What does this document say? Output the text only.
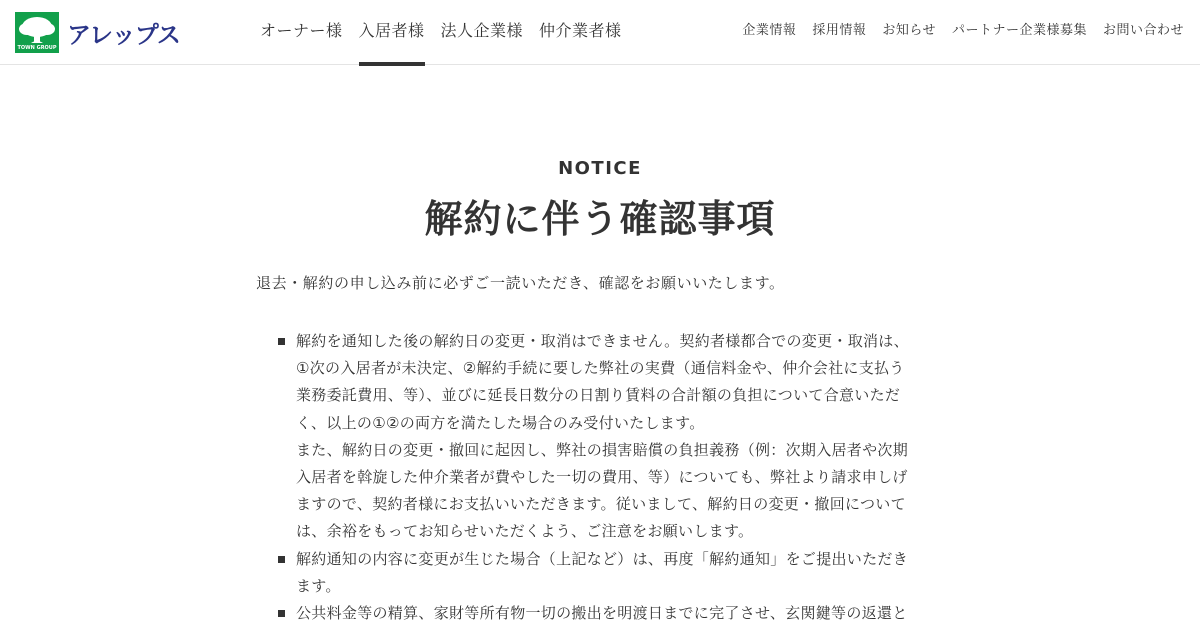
TOWN GROUP アレップス	オーナー様 入居者様 法人企業様 仲介業者様	企業情報 採用情報 お知らせ パートナー企業様募集 お問い合わせ
NOTICE
解約に伴う確認事項

退去・解約の申し込み前に必ずご一読いただき、確認をお願いいたします。

解約を通知した後の解約日の変更・取消はできません。契約者様都合での変更・取消は、
①次の入居者が未決定、②解約手続に要した弊社の実費（通信料金や、仲介会社に支払う
業務委託費用、等）、並びに延長日数分の日割り賃料の合計額の負担について合意いただ
く、以上の①②の両方を満たした場合のみ受付いたします。
また、解約日の変更・撤回に起因し、弊社の損害賠償の負担義務（例：次期入居者や次期
入居者を斡旋した仲介業者が費やした一切の費用、等）についても、弊社より請求申しげ
ますので、契約者様にお支払いいただきます。従いまして、解約日の変更・撤回について
は、余裕をもってお知らせいただくよう、ご注意をお願いします。
解約通知の内容に変更が生じた場合（上記など）は、再度「解約通知」をご提出いただき
ます。
公共料金等の精算、家財等所有物一切の搬出を明渡日までに完了させ、玄関鍵等の返還と
